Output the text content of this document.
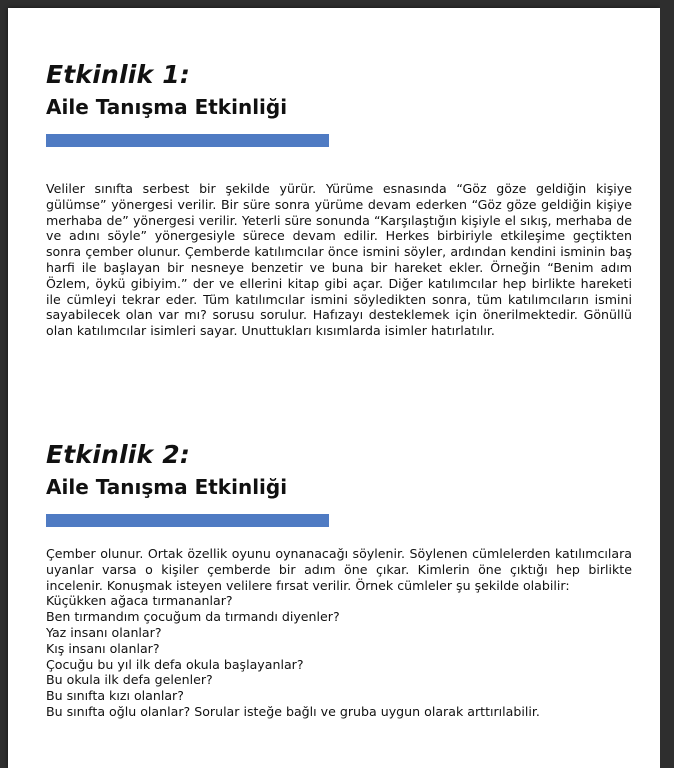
Etkinlik 1:
Aile Tanışma Etkinliği

Veliler sınıfta serbest bir şekilde yürür. Yürüme esnasında “Göz göze geldiğin kişiye gülümse” yönergesi verilir. Bir süre sonra yürüme devam ederken “Göz göze geldiğin kişiye merhaba de” yönergesi verilir. Yeterli süre sonunda “Karşılaştığın kişiyle el sıkış, merhaba de ve adını söyle” yönergesiyle sürece devam edilir. Herkes birbiriyle etkileşime geçtikten sonra çember olunur. Çemberde katılımcılar önce ismini söyler, ardından kendini isminin baş harfi ile başlayan bir nesneye benzetir ve buna bir hareket ekler. Örneğin “Benim adım Özlem, öykü gibiyim.” der ve ellerini kitap gibi açar. Diğer katılımcılar hep birlikte hareketi ile cümleyi tekrar eder. Tüm katılımcılar ismini söyledikten sonra, tüm katılımcıların ismini sayabilecek olan var mı? sorusu sorulur. Hafızayı desteklemek için önerilmektedir. Gönüllü olan katılımcılar isimleri sayar. Unuttukları kısımlarda isimler hatırlatılır.

Etkinlik 2:
Aile Tanışma Etkinliği

Çember olunur. Ortak özellik oyunu oynanacağı söylenir. Söylenen cümlelerden katılımcılara uyanlar varsa o kişiler çemberde bir adım öne çıkar. Kimlerin öne çıktığı hep birlikte incelenir. Konuşmak isteyen velilere fırsat verilir. Örnek cümleler şu şekilde olabilir:

Küçükken ağaca tırmananlar?
Ben tırmandım çocuğum da tırmandı diyenler?
Yaz insanı olanlar?
Kış insanı olanlar?
Çocuğu bu yıl ilk defa okula başlayanlar?
Bu okula ilk defa gelenler?
Bu sınıfta kızı olanlar?
Bu sınıfta oğlu olanlar? Sorular isteğe bağlı ve gruba uygun olarak arttırılabilir.
